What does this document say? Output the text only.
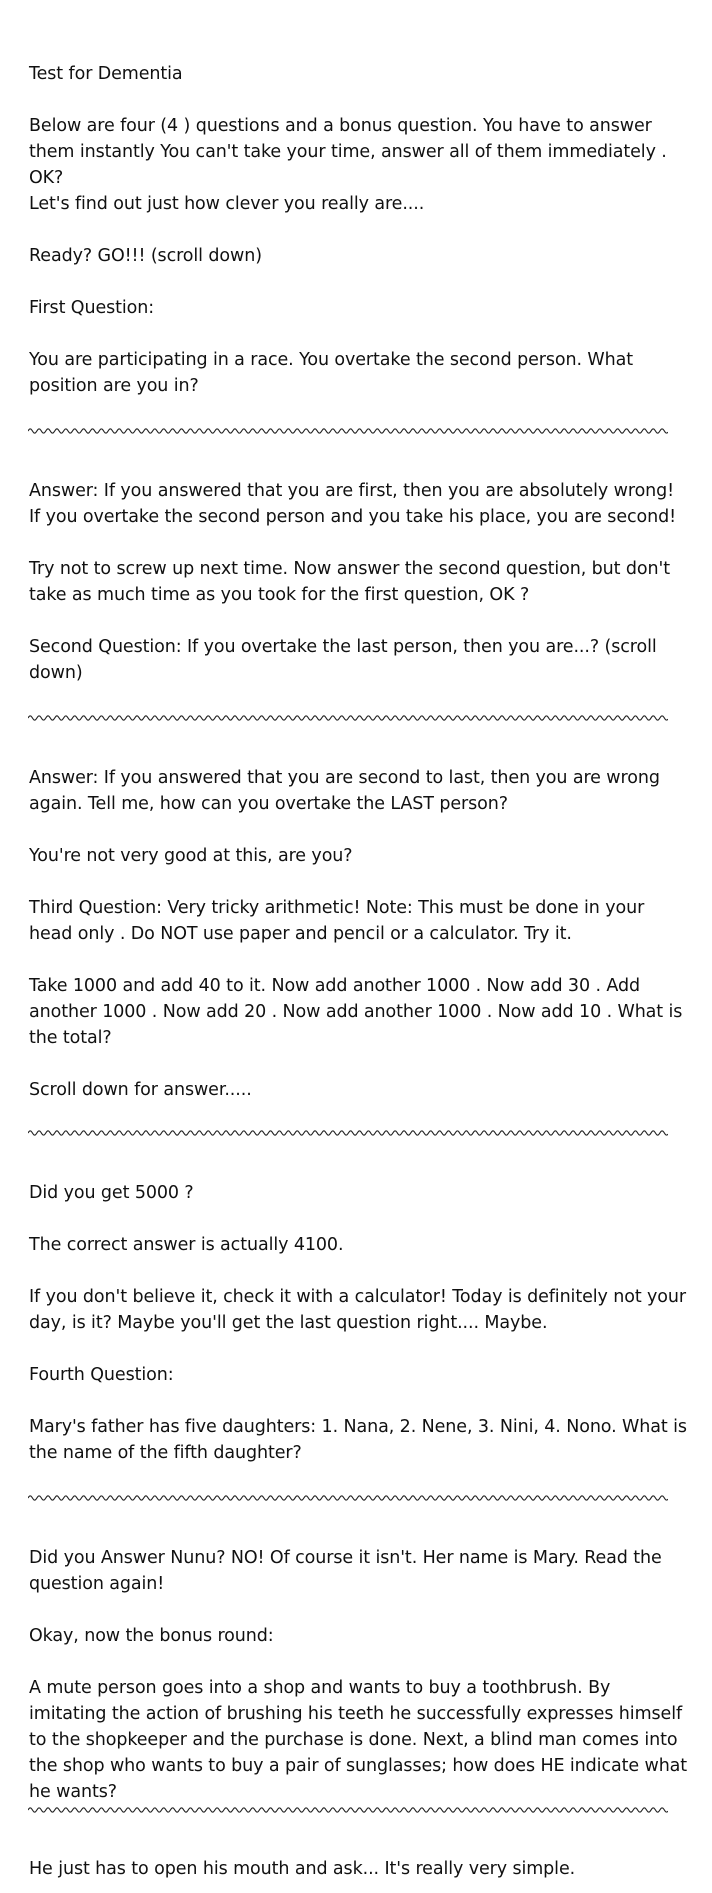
Test for Dementia

Below are four (4 ) questions and a bonus question. You have to answer them instantly You can't take your time, answer all of them immediately . OK?

Let's find out just how clever you really are....

Ready? GO!!! (scroll down)

First Question:

You are participating in a race. You overtake the second person. What position are you in?

Answer: If you answered that you are first, then you are absolutely wrong! If you overtake the second person and you take his place, you are second!

Try not to screw up next time. Now answer the second question, but don't take as much time as you took for the first question, OK ?

Second Question: If you overtake the last person, then you are...? (scroll down)

Answer: If you answered that you are second to last, then you are wrong again. Tell me, how can you overtake the LAST person?

You're not very good at this, are you?

Third Question: Very tricky arithmetic! Note: This must be done in your head only . Do NOT use paper and pencil or a calculator. Try it.

Take 1000 and add 40 to it. Now add another 1000 . Now add 30 . Add another 1000 . Now add 20 . Now add another 1000 . Now add 10 . What is the total?

Scroll down for answer.....

Did you get 5000 ?

The correct answer is actually 4100.

If you don't believe it, check it with a calculator! Today is definitely not your day, is it? Maybe you'll get the last question right.... Maybe.

Fourth Question:

Mary's father has five daughters: 1. Nana, 2. Nene, 3. Nini, 4. Nono. What is the name of the fifth daughter?

Did you Answer Nunu? NO! Of course it isn't. Her name is Mary. Read the question again!

Okay, now the bonus round:

A mute person goes into a shop and wants to buy a toothbrush. By imitating the action of brushing his teeth he successfully expresses himself to the shopkeeper and the purchase is done. Next, a blind man comes into the shop who wants to buy a pair of sunglasses; how does HE indicate what he wants?

He just has to open his mouth and ask... It's really very simple.
